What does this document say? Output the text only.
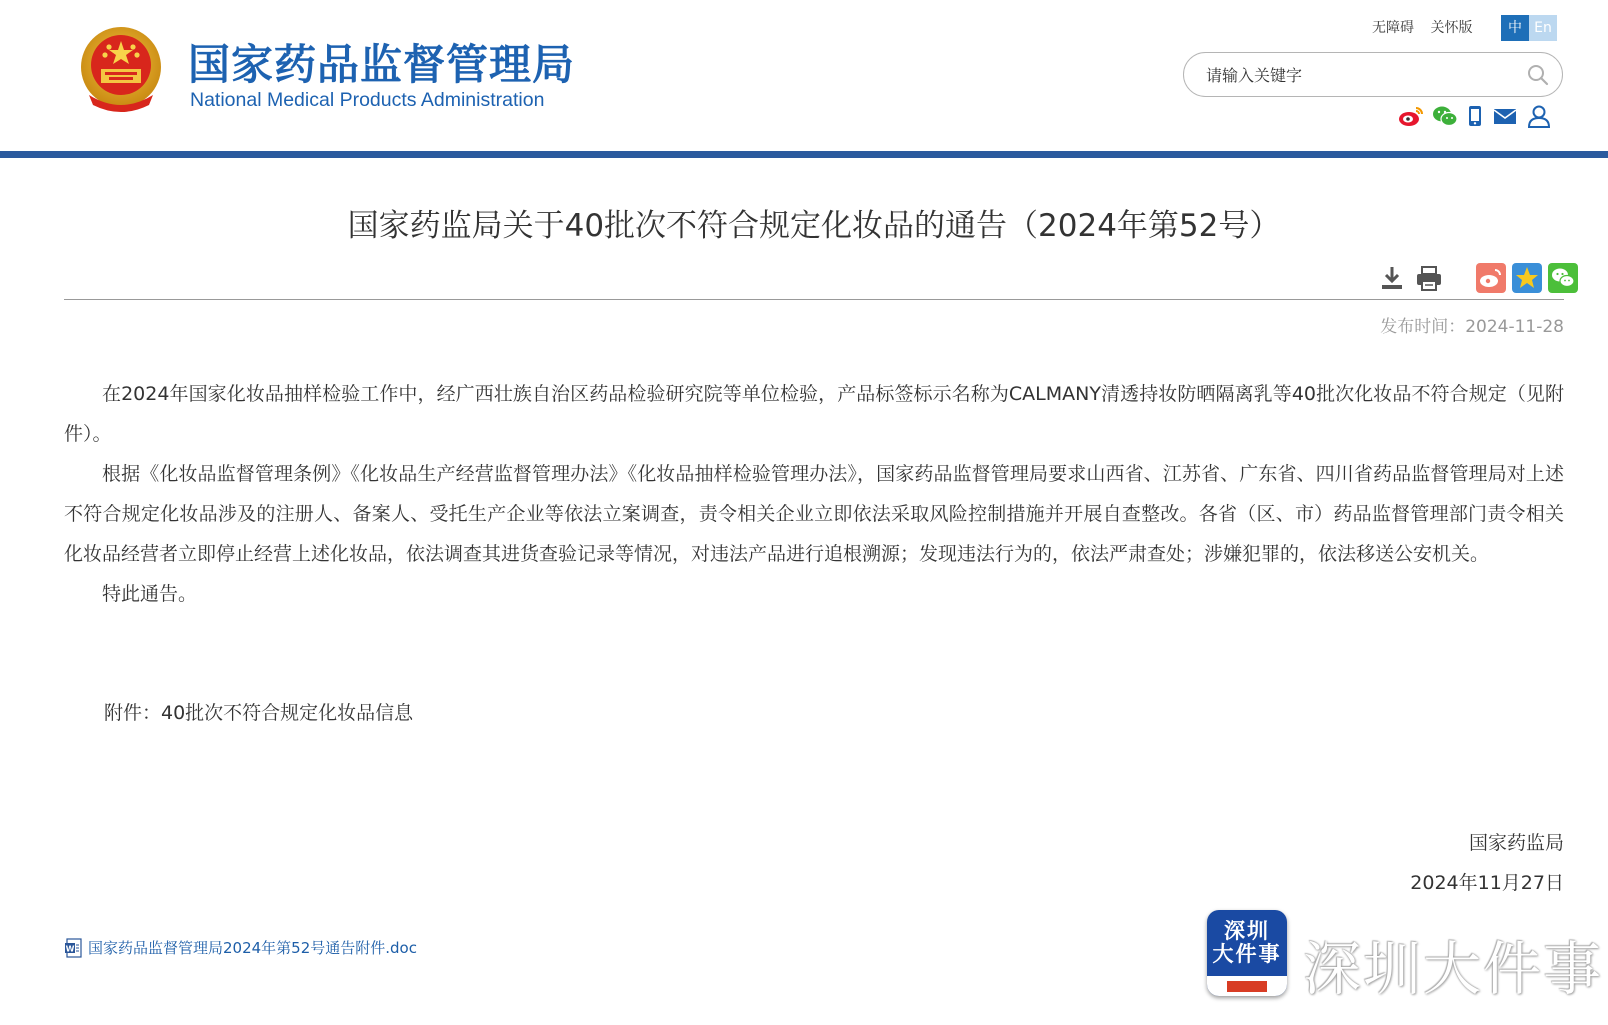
国家药品监督管理局
National Medical Products Administration
无障碍 关怀版	中 En
请输入关键字
国家药监局关于40批次不符合规定化妆品的通告（2024年第52号）
发布时间：2024-11-28

在2024年国家化妆品抽样检验工作中，经广西壮族自治区药品检验研究院等单位检验，产品标签标示名称为CALMANY清透持妆防晒隔离乳等40批次化妆品不符合规定（见附件）。

根据《化妆品监督管理条例》《化妆品生产经营监督管理办法》《化妆品抽样检验管理办法》，国家药品监督管理局要求山西省、江苏省、广东省、四川省药品监督管理局对上述不符合规定化妆品涉及的注册人、备案人、受托生产企业等依法立案调查，责令相关企业立即依法采取风险控制措施并开展自查整改。各省（区、市）药品监督管理部门责令相关化妆品经营者立即停止经营上述化妆品，依法调查其进货查验记录等情况，对违法产品进行追根溯源；发现违法行为的，依法严肃查处；涉嫌犯罪的，依法移送公安机关。

特此通告。

附件：40批次不符合规定化妆品信息
国家药监局
2024年11月27日
W 国家药品监督管理局2024年第52号通告附件.doc
深圳
大件事 深圳大件事
